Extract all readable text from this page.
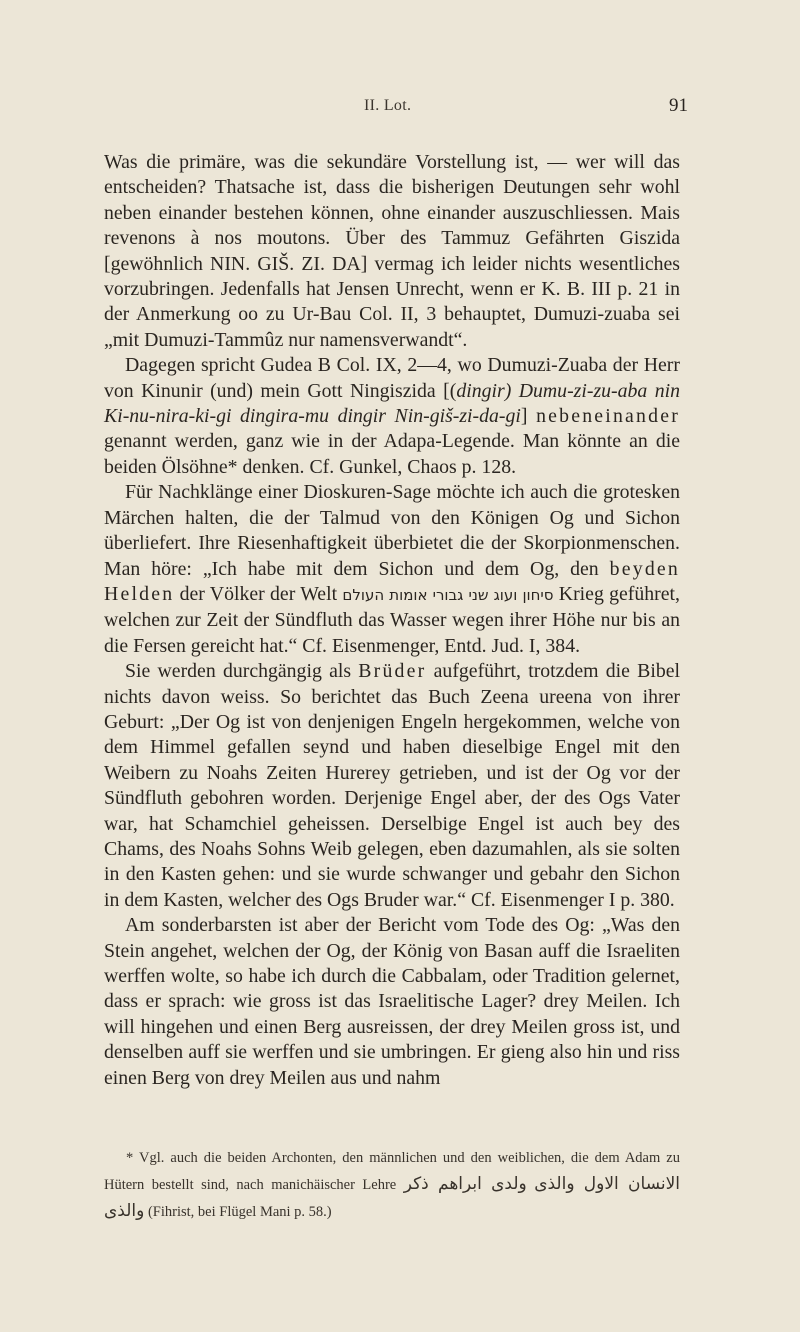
II. Lot.	91

Was die primäre, was die sekundäre Vorstellung ist, — wer will das entscheiden? Thatsache ist, dass die bisherigen Deutungen sehr wohl neben einander bestehen können, ohne einander auszuschliessen. Mais revenons à nos moutons. Über des Tammuz Gefährten Giszida [gewöhnlich NIN. GIŠ. ZI. DA] vermag ich leider nichts wesentliches vorzubringen. Jedenfalls hat Jensen Unrecht, wenn er K. B. III p. 21 in der Anmerkung oo zu Ur-Bau Col. II, 3 behauptet, Dumuzi-zuaba sei „mit Dumuzi-Tammûz nur namensverwandt“.

Dagegen spricht Gudea B Col. IX, 2—4, wo Dumuzi-Zuaba der Herr von Kinunir (und) mein Gott Ningiszida [(dingir) Dumu-zi-zu-aba nin Ki-nu-nira-ki-gi dingira-mu dingir Nin-giš-zi-da-gi] nebeneinander genannt werden, ganz wie in der Adapa-Legende. Man könnte an die beiden Ölsöhne* denken. Cf. Gunkel, Chaos p. 128.

Für Nachklänge einer Dioskuren-Sage möchte ich auch die grotesken Märchen halten, die der Talmud von den Königen Og und Sichon überliefert. Ihre Riesenhaftigkeit überbietet die der Skorpionmenschen. Man höre: „Ich habe mit dem Sichon und dem Og, den beyden Helden der Völker der Welt סיחון ועוג שני גבורי אומות העולם Krieg geführet, welchen zur Zeit der Sündfluth das Wasser wegen ihrer Höhe nur bis an die Fersen gereicht hat.“ Cf. Eisenmenger, Entd. Jud. I, 384.

Sie werden durchgängig als Brüder aufgeführt, trotzdem die Bibel nichts davon weiss. So berichtet das Buch Zeena ureena von ihrer Geburt: „Der Og ist von denjenigen Engeln hergekommen, welche von dem Himmel gefallen seynd und haben dieselbige Engel mit den Weibern zu Noahs Zeiten Hurerey getrieben, und ist der Og vor der Sündfluth gebohren worden. Derjenige Engel aber, der des Ogs Vater war, hat Schamchiel geheissen. Derselbige Engel ist auch bey des Chams, des Noahs Sohns Weib gelegen, eben dazumahlen, als sie solten in den Kasten gehen: und sie wurde schwanger und gebahr den Sichon in dem Kasten, welcher des Ogs Bruder war.“ Cf. Eisenmenger I p. 380.

Am sonderbarsten ist aber der Bericht vom Tode des Og: „Was den Stein angehet, welchen der Og, der König von Basan auff die Israeliten werffen wolte, so habe ich durch die Cabbalam, oder Tradition gelernet, dass er sprach: wie gross ist das Israelitische Lager? drey Meilen. Ich will hingehen und einen Berg ausreissen, der drey Meilen gross ist, und denselben auff sie werffen und sie umbringen. Er gieng also hin und riss einen Berg von drey Meilen aus und nahm

* Vgl. auch die beiden Archonten, den männlichen und den weiblichen, die dem Adam zu Hütern bestellt sind, nach manichäischer Lehre	الانسان الاول والذى ولدى ابراهم ذكر والذى (Fihrist, bei Flügel Mani p. 58.)
